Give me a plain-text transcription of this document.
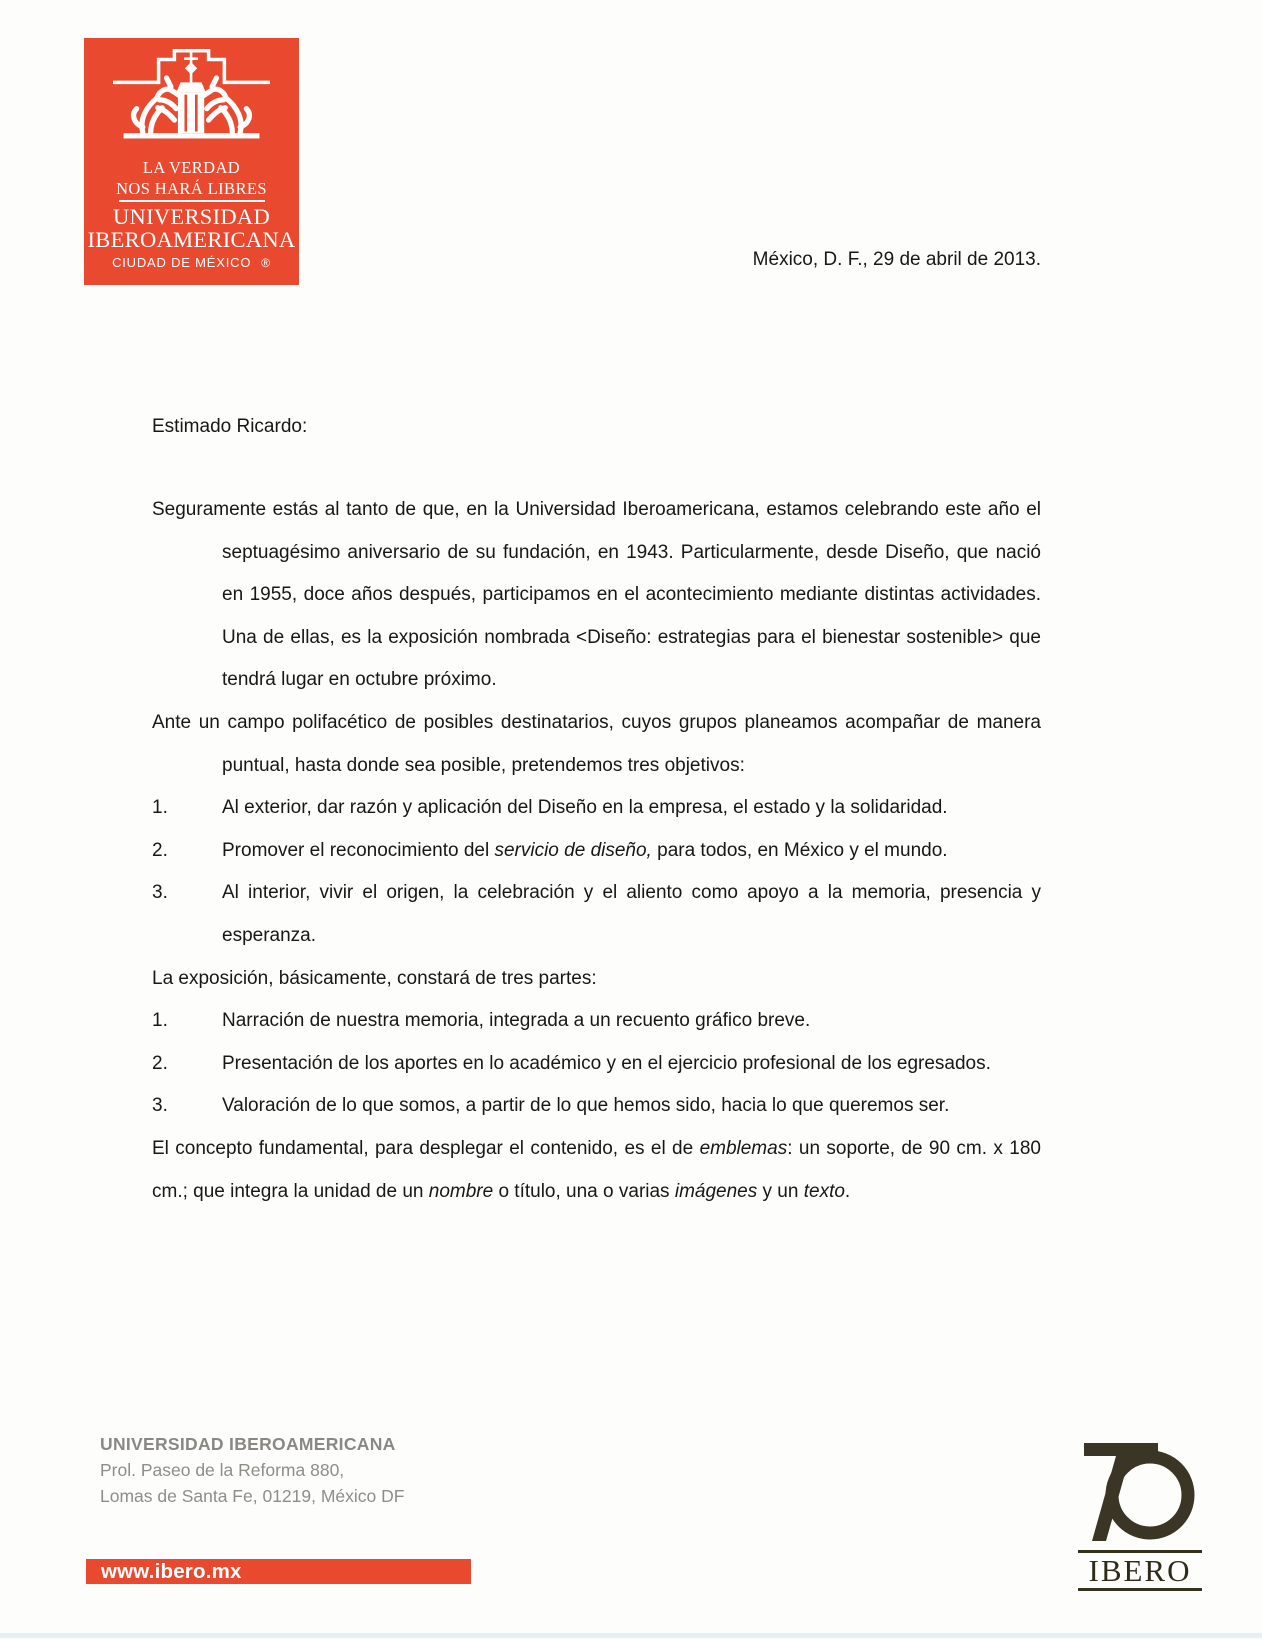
LA VERDAD
NOS HARÁ LIBRES
UNIVERSIDAD
IBEROAMERICANA
CIUDAD DE MÉXICO ®	México, D. F., 29 de abril de 2013.
Estimado Ricardo:

Seguramente estás al tanto de que, en la Universidad Iberoamericana, estamos celebrando este año el septuagésimo aniversario de su fundación, en 1943. Particularmente, desde Diseño, que nació en 1955, doce años después, participamos en el acontecimiento mediante distintas actividades. Una de ellas, es la exposición nombrada <Diseño: estrategias para el bienestar sostenible> que tendrá lugar en octubre próximo.

Ante un campo polifacético de posibles destinatarios, cuyos grupos planeamos acompañar de manera puntual, hasta donde sea posible, pretendemos tres objetivos:

1.	Al exterior, dar razón y aplicación del Diseño en la empresa, el estado y la solidaridad.

2.	Promover el reconocimiento del servicio de diseño, para todos, en México y el mundo.

3.	Al interior, vivir el origen, la celebración y el aliento como apoyo a la memoria, presencia y esperanza.

La exposición, básicamente, constará de tres partes:

1.	Narración de nuestra memoria, integrada a un recuento gráfico breve.

2.	Presentación de los aportes en lo académico y en el ejercicio profesional de los egresados.

3.	Valoración de lo que somos, a partir de lo que hemos sido, hacia lo que queremos ser.

El concepto fundamental, para desplegar el contenido, es el de emblemas: un soporte, de 90 cm. x 180 cm.; que integra la unidad de un nombre o título, una o varias imágenes y un texto.

UNIVERSIDAD IBEROAMERICANA
Prol. Paseo de la Reforma 880,
Lomas de Santa Fe, 01219, México DF
www.ibero.mx	IBERO
